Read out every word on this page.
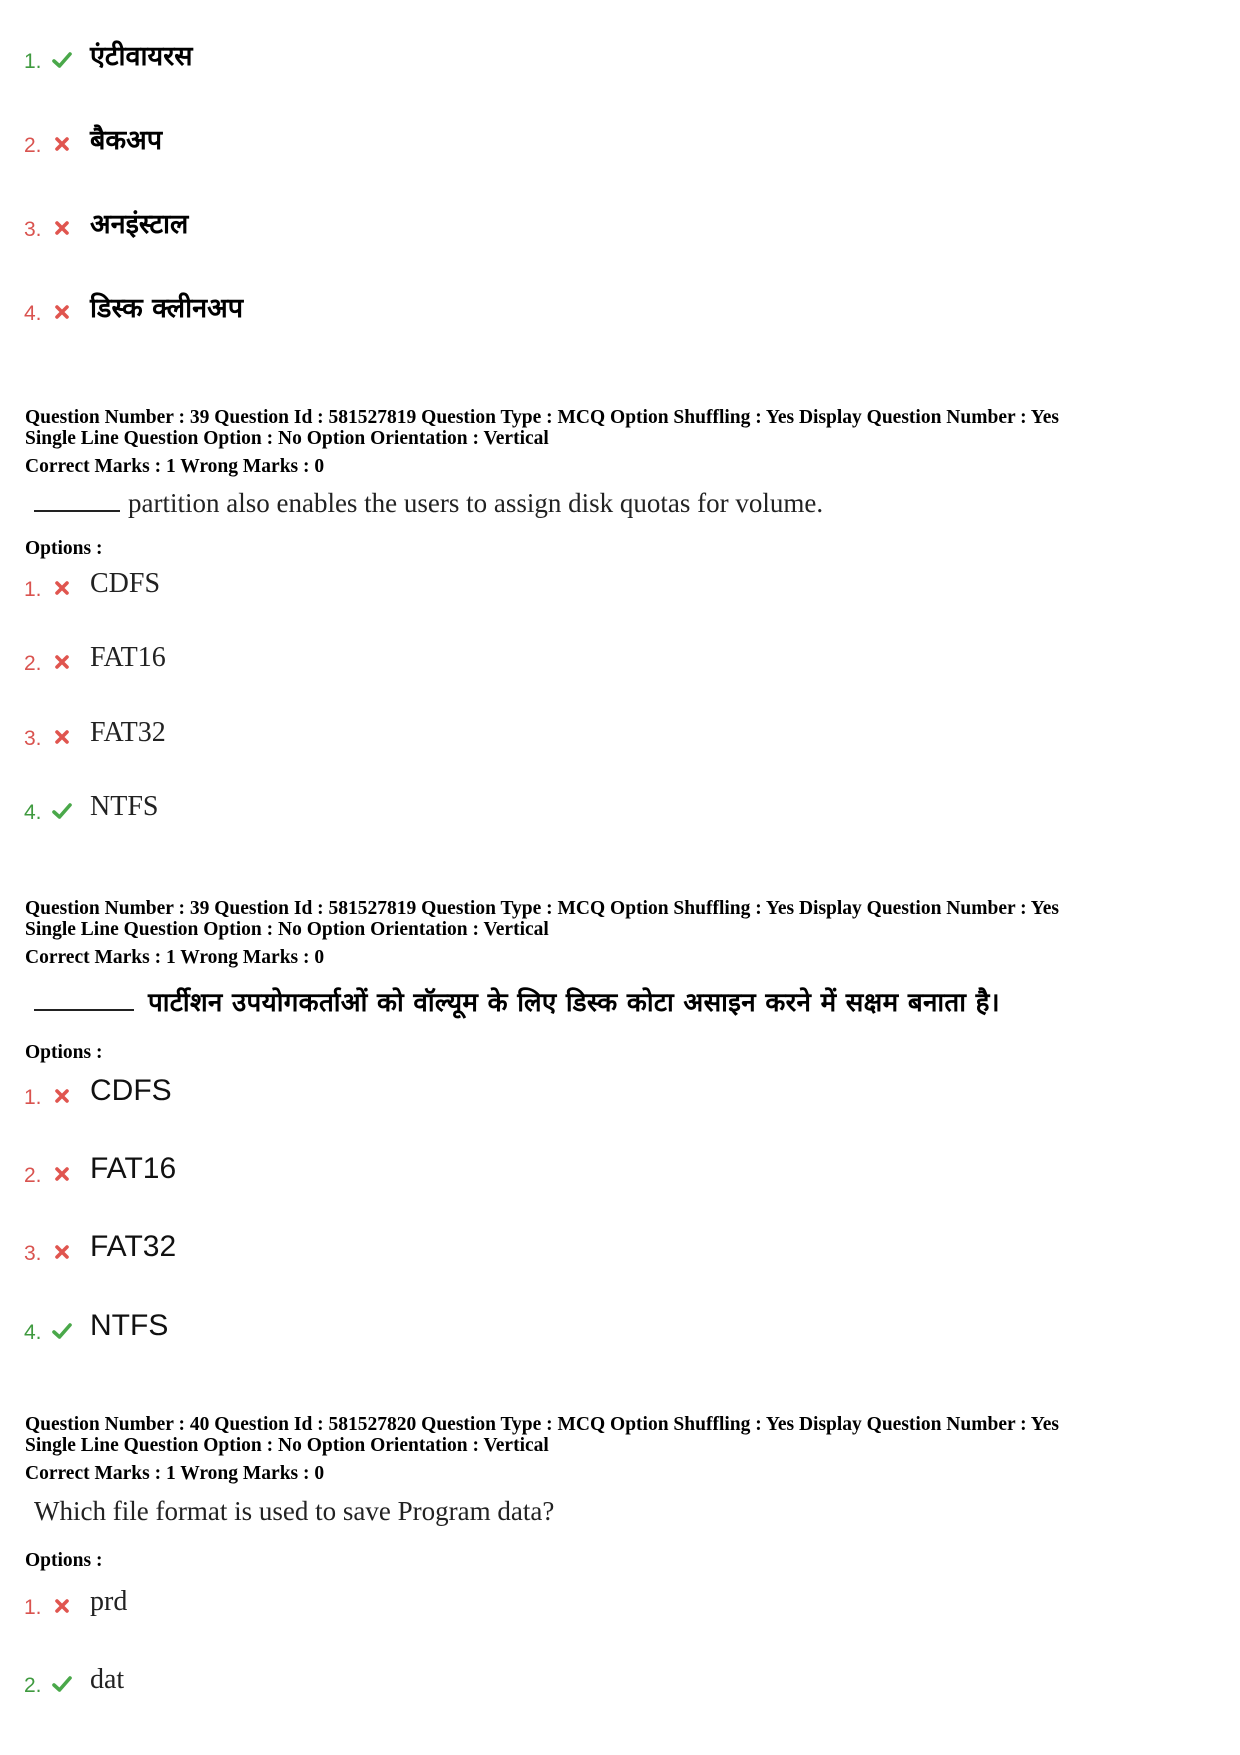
1. एंटीवायरस
2. बैकअप
3. अनइंस्टाल
4. डिस्क क्लीनअप
Question Number : 39 Question Id : 581527819 Question Type : MCQ Option Shuffling : Yes Display Question Number : Yes
Single Line Question Option : No Option Orientation : Vertical
Correct Marks : 1 Wrong Marks : 0
partition also enables the users to assign disk quotas for volume.
Options :
1. CDFS
2. FAT16
3. FAT32
4. NTFS
Question Number : 39 Question Id : 581527819 Question Type : MCQ Option Shuffling : Yes Display Question Number : Yes
Single Line Question Option : No Option Orientation : Vertical
Correct Marks : 1 Wrong Marks : 0
पार्टीशन उपयोगकर्ताओं को वॉल्यूम के लिए डिस्क कोटा असाइन करने में सक्षम बनाता है।
Options :
1. CDFS
2. FAT16
3. FAT32
4. NTFS
Question Number : 40 Question Id : 581527820 Question Type : MCQ Option Shuffling : Yes Display Question Number : Yes
Single Line Question Option : No Option Orientation : Vertical
Correct Marks : 1 Wrong Marks : 0
Which file format is used to save Program data?
Options :
1. prd
2. dat
